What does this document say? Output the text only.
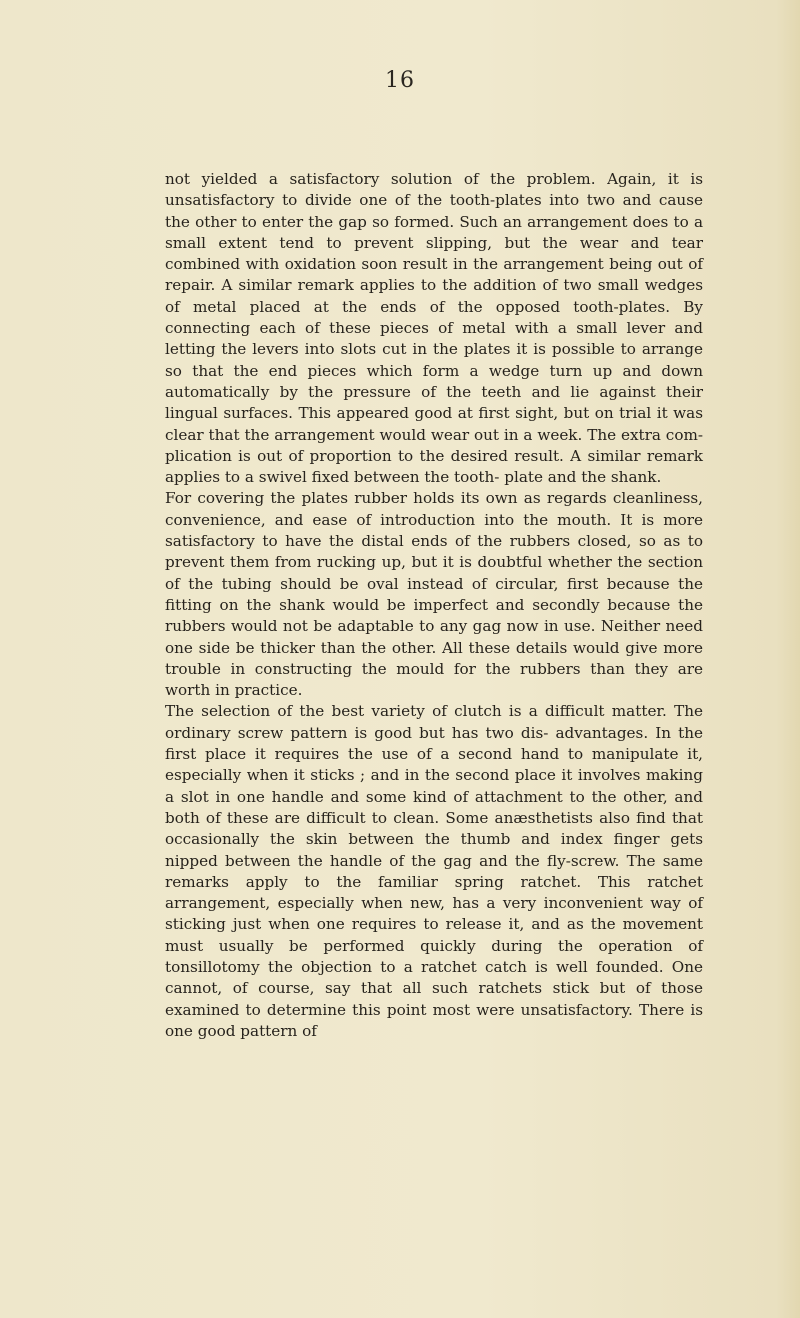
16

not yielded a satisfactory solution of the problem. Again, it is unsatisfactory to divide one of the tooth-plates into two and cause the other to enter the gap so formed. Such an arrangement does to a small extent tend to prevent slipping, but the wear and tear combined with oxidation soon result in the arrangement being out of repair. A similar remark applies to the addition of two small wedges of metal placed at the ends of the opposed tooth-plates. By connecting each of these pieces of metal with a small lever and letting the levers into slots cut in the plates it is possible to arrange so that the end pieces which form a wedge turn up and down automatically by the pressure of the teeth and lie against their lingual surfaces. This appeared good at first sight, but on trial it was clear that the arrangement would wear out in a week. The extra com- plication is out of proportion to the desired result. A similar remark applies to a swivel fixed between the tooth- plate and the shank.

For covering the plates rubber holds its own as regards cleanliness, convenience, and ease of introduction into the mouth. It is more satisfactory to have the distal ends of the rubbers closed, so as to prevent them from rucking up, but it is doubtful whether the section of the tubing should be oval instead of circular, first because the fitting on the shank would be imperfect and secondly because the rubbers would not be adaptable to any gag now in use. Neither need one side be thicker than the other. All these details would give more trouble in constructing the mould for the rubbers than they are worth in practice.

The selection of the best variety of clutch is a difficult matter. The ordinary screw pattern is good but has two dis- advantages. In the first place it requires the use of a second hand to manipulate it, especially when it sticks ; and in the second place it involves making a slot in one handle and some kind of attachment to the other, and both of these are difficult to clean. Some anæsthetists also find that occasionally the skin between the thumb and index finger gets nipped between the handle of the gag and the fly-screw. The same remarks apply to the familiar spring ratchet. This ratchet arrangement, especially when new, has a very inconvenient way of sticking just when one requires to release it, and as the movement must usually be performed quickly during the operation of tonsillotomy the objection to a ratchet catch is well founded. One cannot, of course, say that all such ratchets stick but of those examined to determine this point most were unsatisfactory. There is one good pattern of
